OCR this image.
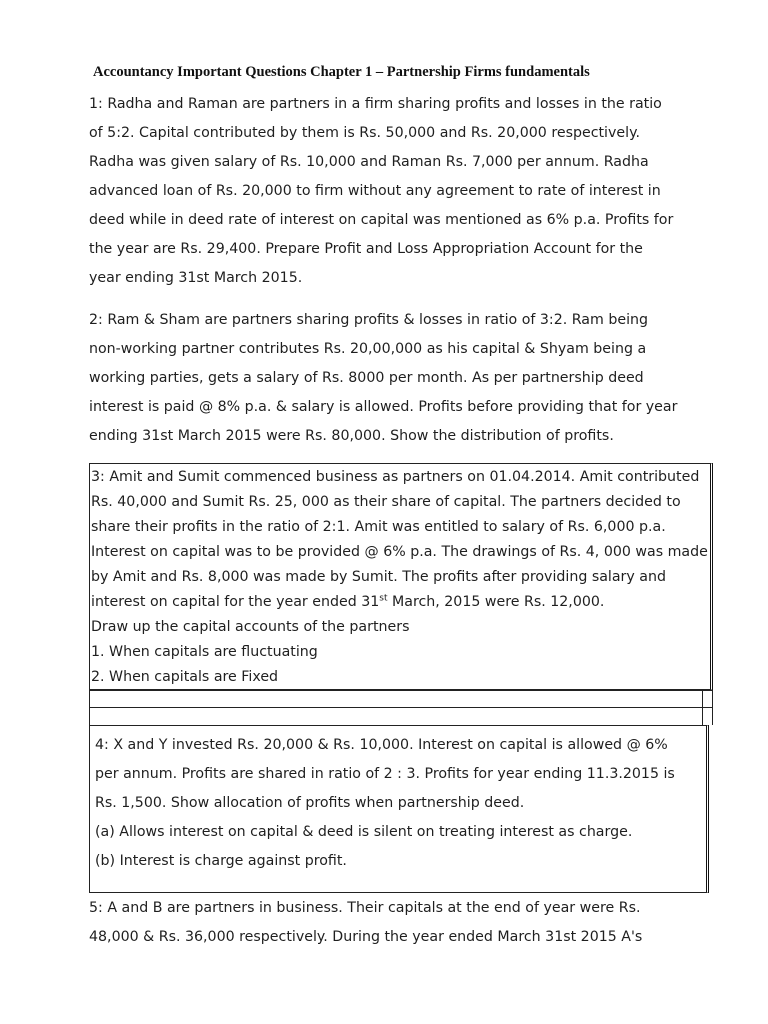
Accountancy Important Questions Chapter 1 – Partnership Firms fundamentals

1: Radha and Raman are partners in a firm sharing profits and losses in the ratio

of 5:2. Capital contributed by them is Rs. 50,000 and Rs. 20,000 respectively.

Radha was given salary of Rs. 10,000 and Raman Rs. 7,000 per annum. Radha

advanced loan of Rs. 20,000 to firm without any agreement to rate of interest in

deed while in deed rate of interest on capital was mentioned as 6% p.a. Profits for

the year are Rs. 29,400. Prepare Profit and Loss Appropriation Account for the

year ending 31st March 2015.

2: Ram & Sham are partners sharing profits & losses in ratio of 3:2. Ram being

non-working partner contributes Rs. 20,00,000 as his capital & Shyam being a

working parties, gets a salary of Rs. 8000 per month. As per partnership deed

interest is paid @ 8% p.a. & salary is allowed. Profits before providing that for year

ending 31st March 2015 were Rs. 80,000. Show the distribution of profits.

3: Amit and Sumit commenced business as partners on 01.04.2014. Amit contributed

Rs. 40,000 and Sumit Rs. 25, 000 as their share of capital. The partners decided to

share their profits in the ratio of 2:1. Amit was entitled to salary of Rs. 6,000 p.a.

Interest on capital was to be provided @ 6% p.a. The drawings of Rs. 4, 000 was made

by Amit and Rs. 8,000 was made by Sumit. The profits after providing salary and

interest on capital for the year ended 31st March, 2015 were Rs. 12,000.

Draw up the capital accounts of the partners

1. When capitals are fluctuating

2. When capitals are Fixed

4: X and Y invested Rs. 20,000 & Rs. 10,000. Interest on capital is allowed @ 6%

per annum. Profits are shared in ratio of 2 : 3. Profits for year ending 11.3.2015 is

Rs. 1,500. Show allocation of profits when partnership deed.

(a) Allows interest on capital & deed is silent on treating interest as charge.

(b) Interest is charge against profit.

5: A and B are partners in business. Their capitals at the end of year were Rs.

48,000 & Rs. 36,000 respectively. During the year ended March 31st 2015 A's
